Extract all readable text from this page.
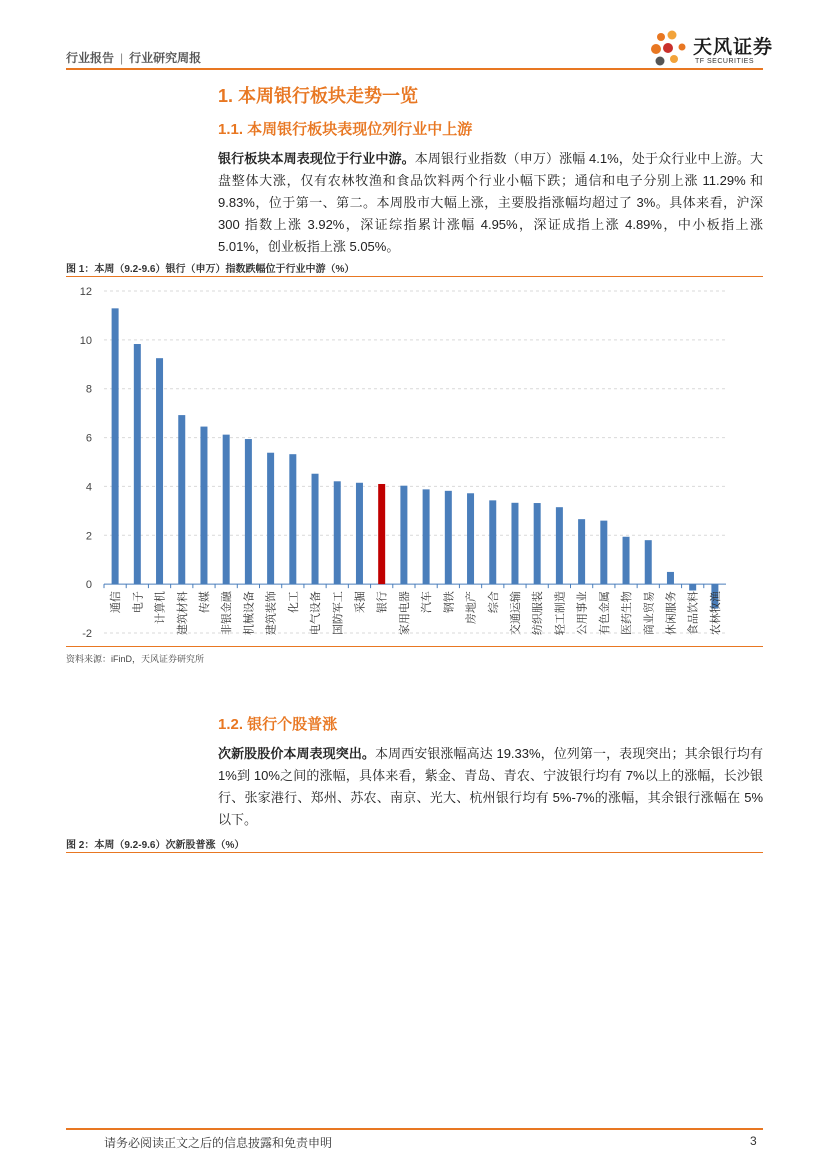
行业报告 | 行业研究周报	天风证券
TF SECURITIES
1. 本周银行板块走势一览
1.1. 本周银行板块表现位列行业中上游
银行板块本周表现位于行业中游。本周银行业指数（申万）涨幅 4.1%，处于众行业中上游。大盘整体大涨，仅有农林牧渔和食品饮料两个行业小幅下跌；通信和电子分别上涨 11.29% 和 9.83%，位于第一、第二。本周股市大幅上涨，主要股指涨幅均超过了 3%。具体来看，沪深 300 指数上涨 3.92%，深证综指累计涨幅 4.95%，深证成指上涨 4.89%，中小板指上涨 5.01%，创业板指上涨 5.05%。
图 1：本周（9.2-9.6）银行（申万）指数跌幅位于行业中游（%）
-2
0
2
4
6
8
10
12
通信 电子 计算机 建筑材料 传媒 非银金融 机械设备 建筑装饰 化工 电气设备 国防军工 采掘 银行 家用电器 汽车 钢铁 房地产 综合 交通运输 纺织服装 轻工制造 公用事业 有色金属 医药生物 商业贸易 休闲服务 食品饮料 农林牧渔
资料来源：iFinD，天风证券研究所
1.2. 银行个股普涨
次新股股价本周表现突出。本周西安银涨幅高达 19.33%，位列第一，表现突出；其余银行均有 1%到 10%之间的涨幅，具体来看，紫金、青岛、青农、宁波银行均有 7%以上的涨幅，长沙银行、张家港行、郑州、苏农、南京、光大、杭州银行均有 5%-7%的涨幅，其余银行涨幅在 5%以下。
图 2：本周（9.2-9.6）次新股普涨（%）
请务必阅读正文之后的信息披露和免责申明	3
